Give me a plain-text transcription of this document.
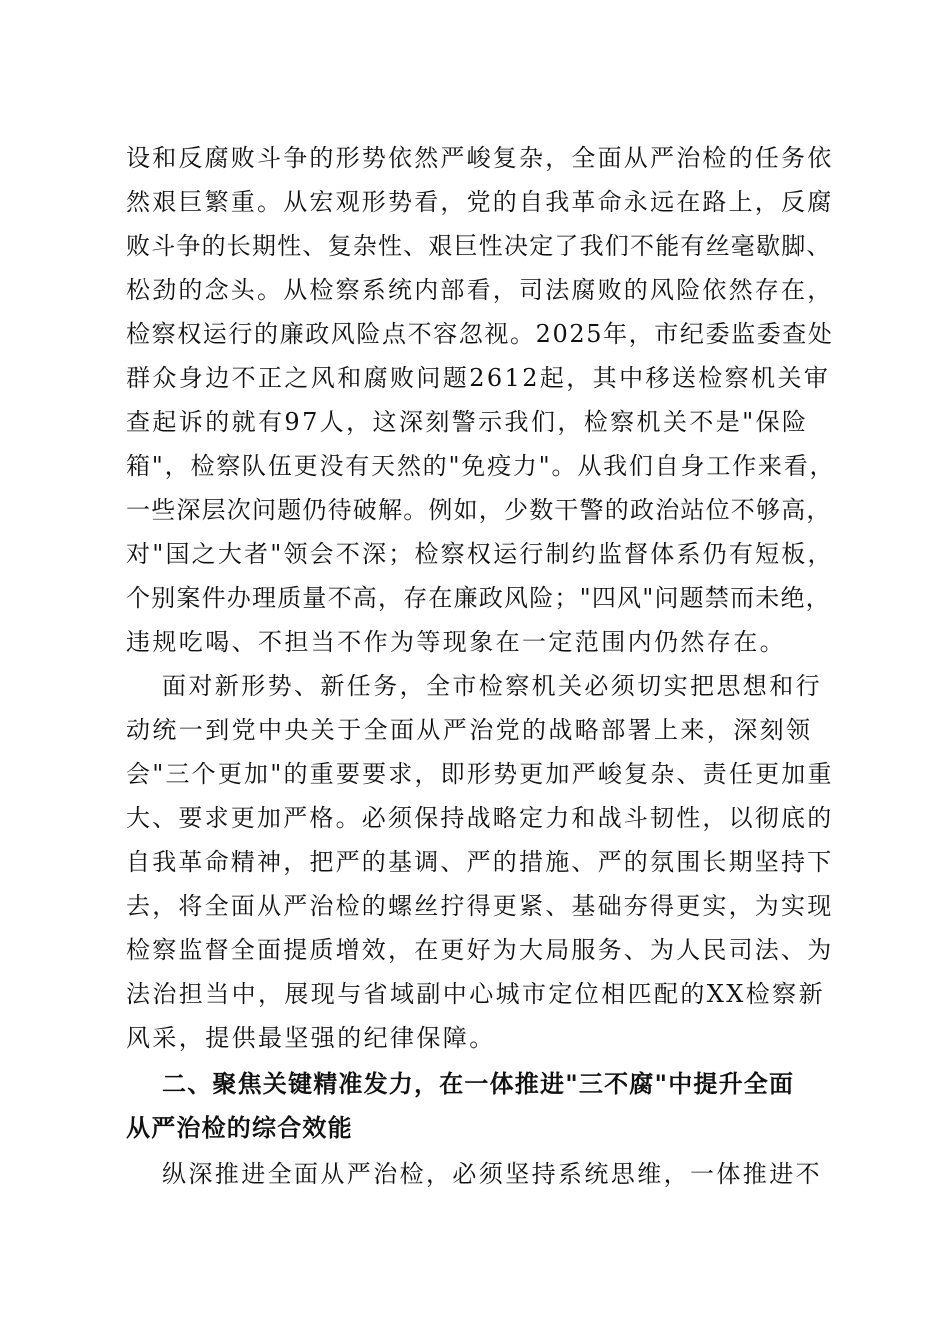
设和反腐败斗争的形势依然严峻复杂，全面从严治检的任务依
然艰巨繁重。从宏观形势看，党的自我革命永远在路上，反腐
败斗争的长期性、复杂性、艰巨性决定了我们不能有丝毫歇脚、
松劲的念头。从检察系统内部看，司法腐败的风险依然存在，
检察权运行的廉政风险点不容忽视。2025年，市纪委监委查处
群众身边不正之风和腐败问题2612起，其中移送检察机关审
查起诉的就有97人，这深刻警示我们，检察机关不是"保险
箱"，检察队伍更没有天然的"免疫力"。从我们自身工作来看，
一些深层次问题仍待破解。例如，少数干警的政治站位不够高，
对"国之大者"领会不深；检察权运行制约监督体系仍有短板，
个别案件办理质量不高，存在廉政风险；"四风"问题禁而未绝，
违规吃喝、不担当不作为等现象在一定范围内仍然存在。
面对新形势、新任务，全市检察机关必须切实把思想和行
动统一到党中央关于全面从严治党的战略部署上来，深刻领
会"三个更加"的重要要求，即形势更加严峻复杂、责任更加重
大、要求更加严格。必须保持战略定力和战斗韧性，以彻底的
自我革命精神，把严的基调、严的措施、严的氛围长期坚持下
去，将全面从严治检的螺丝拧得更紧、基础夯得更实，为实现
检察监督全面提质增效，在更好为大局服务、为人民司法、为
法治担当中，展现与省域副中心城市定位相匹配的XX检察新
风采，提供最坚强的纪律保障。
二、聚焦关键精准发力，在一体推进"三不腐"中提升全面
从严治检的综合效能
纵深推进全面从严治检，必须坚持系统思维，一体推进不
